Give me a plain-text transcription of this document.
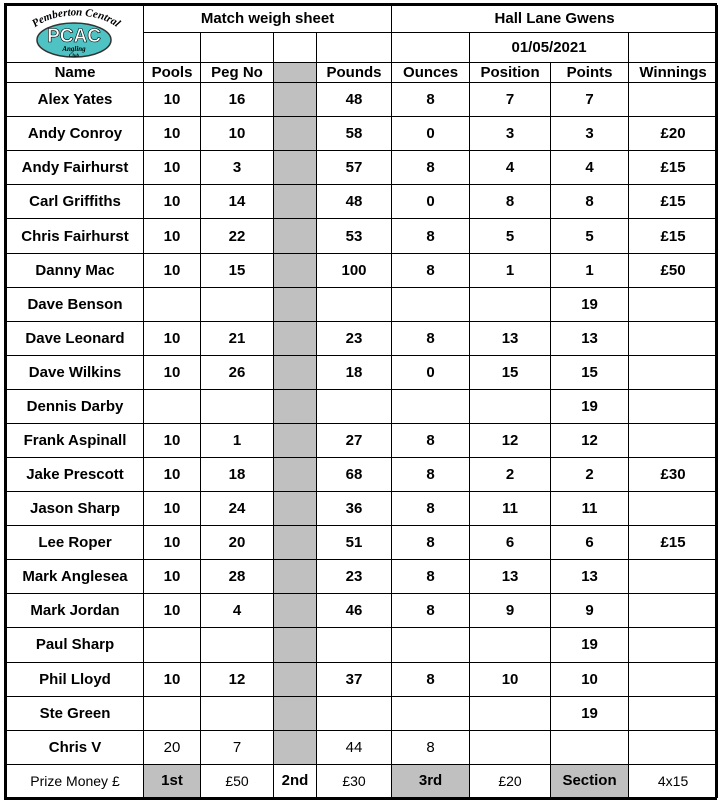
Pemberton Central
PCAC
Angling
Club	Match weigh sheet				Hall Lane Gwens			
						01/05/2021		
Name	Pools	Peg No		Pounds	Ounces	Position	Points	Winnings
Alex Yates	10	16		48	8	7	7	
Andy Conroy	10	10		58	0	3	3	£20
Andy Fairhurst	10	3		57	8	4	4	£15
Carl Griffiths	10	14		48	0	8	8	£15
Chris Fairhurst	10	22		53	8	5	5	£15
Danny Mac	10	15		100	8	1	1	£50
Dave Benson							19	
Dave Leonard	10	21		23	8	13	13	
Dave Wilkins	10	26		18	0	15	15	
Dennis Darby							19	
Frank Aspinall	10	1		27	8	12	12	
Jake Prescott	10	18		68	8	2	2	£30
Jason Sharp	10	24		36	8	11	11	
Lee Roper	10	20		51	8	6	6	£15
Mark Anglesea	10	28		23	8	13	13	
Mark Jordan	10	4		46	8	9	9	
Paul Sharp							19	
Phil Lloyd	10	12		37	8	10	10	
Ste Green							19	
Chris V	20	7		44	8			
Prize Money £	1st	£50	2nd	£30	3rd	£20	Section	4x15
